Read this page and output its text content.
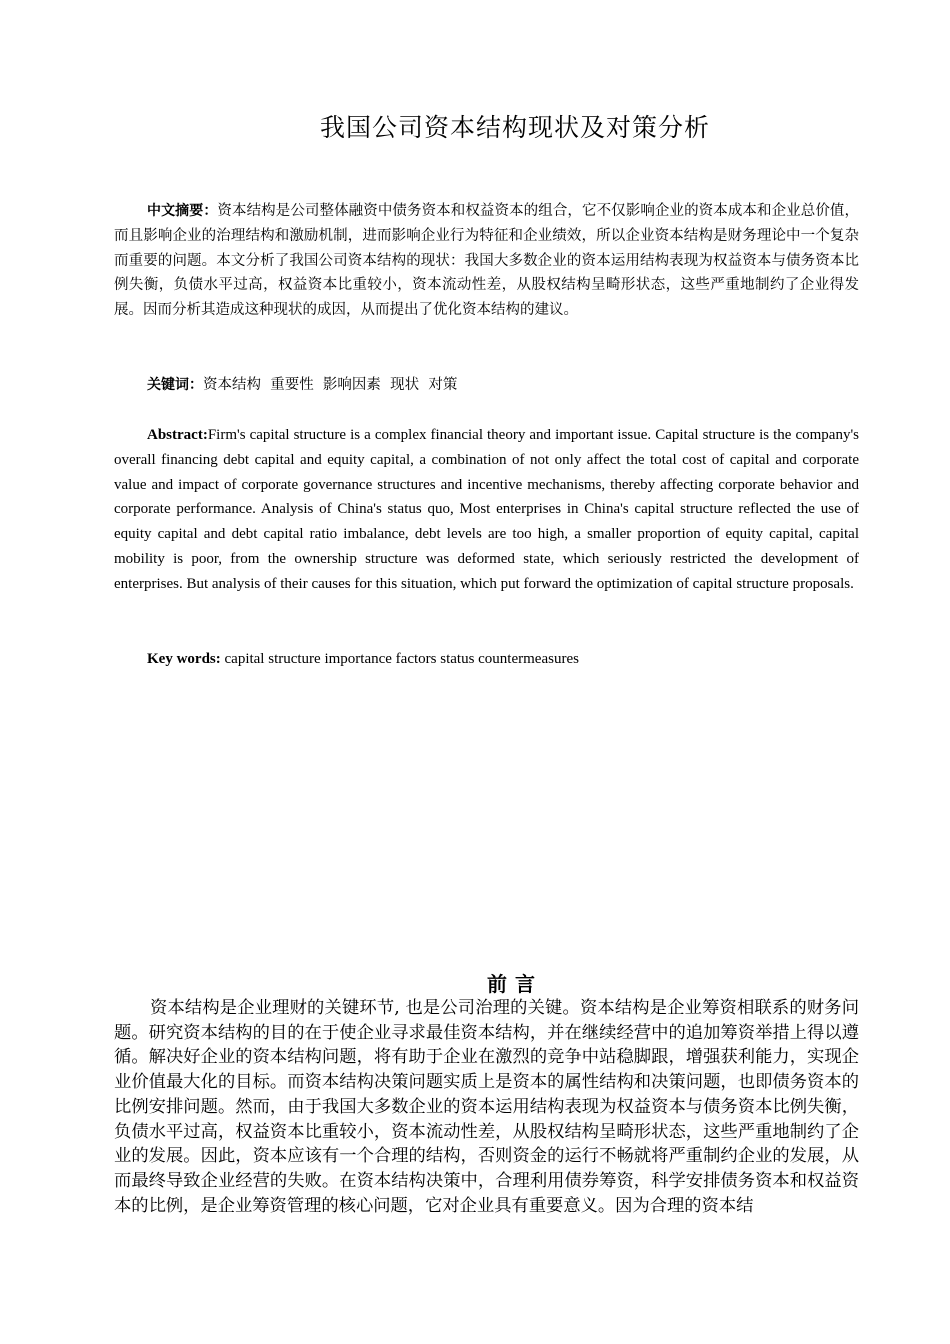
我国公司资本结构现状及对策分析
中文摘要：资本结构是公司整体融资中债务资本和权益资本的组合，它不仅影响企业的资本成本和企业总价值，而且影响企业的治理结构和激励机制，进而影响企业行为特征和企业绩效，所以企业资本结构是财务理论中一个复杂而重要的问题。本文分析了我国公司资本结构的现状：我国大多数企业的资本运用结构表现为权益资本与债务资本比例失衡，负债水平过高，权益资本比重较小，资本流动性差，从股权结构呈畸形状态，这些严重地制约了企业得发展。因而分析其造成这种现状的成因，从而提出了优化资本结构的建议。
关键词：资本结构  重要性  影响因素  现状  对策
Abstract:Firm's capital structure is a complex financial theory and important issue. Capital structure is the company's overall financing debt capital and equity capital, a combination of not only affect the total cost of capital and corporate value and impact of corporate governance structures and incentive mechanisms, thereby affecting corporate behavior and corporate performance. Analysis of China's status quo, Most enterprises in China's capital structure reflected the use of equity capital and debt capital ratio imbalance, debt levels are too high, a smaller proportion of equity capital, capital mobility is poor, from the ownership structure was deformed state, which seriously restricted the development of enterprises. But analysis of their causes for this situation, which put forward the optimization of capital structure proposals.
Key words: capital structure importance factors status countermeasures
前言
资本结构是企业理财的关键环节, 也是公司治理的关键。资本结构是企业筹资相联系的财务问题。研究资本结构的目的在于使企业寻求最佳资本结构，并在继续经营中的追加筹资举措上得以遵循。解决好企业的资本结构问题，将有助于企业在激烈的竞争中站稳脚跟，增强获利能力，实现企业价值最大化的目标。而资本结构决策问题实质上是资本的属性结构和决策问题，也即债务资本的比例安排问题。然而，由于我国大多数企业的资本运用结构表现为权益资本与债务资本比例失衡，负债水平过高，权益资本比重较小，资本流动性差，从股权结构呈畸形状态，这些严重地制约了企业的发展。因此，资本应该有一个合理的结构，否则资金的运行不畅就将严重制约企业的发展，从而最终导致企业经营的失败。在资本结构决策中，合理利用债券筹资，科学安排债务资本和权益资本的比例，是企业筹资管理的核心问题，它对企业具有重要意义。因为合理的资本结
